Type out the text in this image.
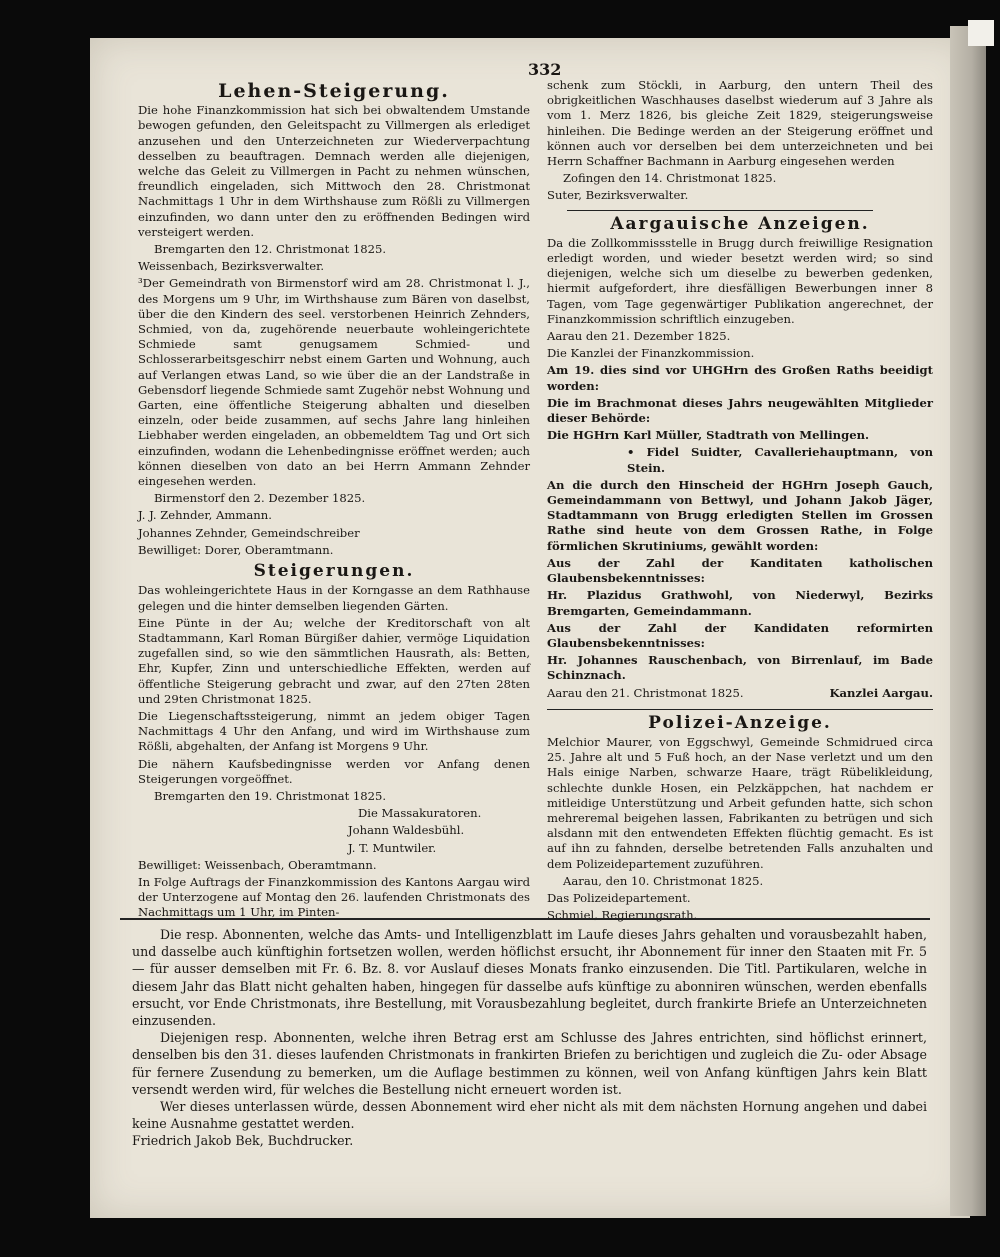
332
Lehen-Steigerung.

Die hohe Finanzkommission hat sich bei obwaltendem Umstande bewogen gefunden, den Geleitspacht zu Villmergen als erlediget anzusehen und den Unterzeichneten zur Wiederverpachtung desselben zu beauftragen. Demnach werden alle diejenigen, welche das Geleit zu Villmergen in Pacht zu nehmen wünschen, freundlich eingeladen, sich Mittwoch den 28. Christmonat Nachmittags 1 Uhr in dem Wirthshause zum Rößli zu Villmergen einzufinden, wo dann unter den zu eröffnenden Bedingen wird versteigert werden.

Bremgarten den 12. Christmonat 1825.

Weissenbach, Bezirksverwalter.

³Der Gemeindrath von Birmenstorf wird am 28. Christmonat l. J., des Morgens um 9 Uhr, im Wirthshause zum Bären von daselbst, über die den Kindern des seel. verstorbenen Heinrich Zehnders, Schmied, von da, zugehörende neuerbaute wohleingerichtete Schmiede samt genugsamem Schmied- und Schlosserarbeitsgeschirr nebst einem Garten und Wohnung, auch auf Verlangen etwas Land, so wie über die an der Landstraße in Gebensdorf liegende Schmiede samt Zugehör nebst Wohnung und Garten, eine öffentliche Steigerung abhalten und dieselben einzeln, oder beide zusammen, auf sechs Jahre lang hinleihen Liebhaber werden eingeladen, an obbemeldtem Tag und Ort sich einzufinden, wodann die Lehenbedingnisse eröffnet werden; auch können dieselben von dato an bei Herrn Ammann Zehnder eingesehen werden.

Birmenstorf den 2. Dezember 1825.

J. J. Zehnder, Ammann.

Johannes Zehnder, Gemeindschreiber

Bewilliget: Dorer, Oberamtmann.

Steigerungen.

Das wohleingerichtete Haus in der Korngasse an dem Rathhause gelegen und die hinter demselben liegenden Gärten.

Eine Pünte in der Au; welche der Kreditorschaft von alt Stadtammann, Karl Roman Bürgißer dahier, vermöge Liquidation zugefallen sind, so wie den sämmtlichen Hausrath, als: Betten, Ehr, Kupfer, Zinn und unterschiedliche Effekten, werden auf öffentliche Steigerung gebracht und zwar, auf den 27ten 28ten und 29ten Christmonat 1825.

Die Liegenschaftssteigerung, nimmt an jedem obiger Tagen Nachmittags 4 Uhr den Anfang, und wird im Wirthshause zum Rößli, abgehalten, der Anfang ist Morgens 9 Uhr.

Die nähern Kaufsbedingnisse werden vor Anfang denen Steigerungen vorgeöffnet.

Bremgarten den 19. Christmonat 1825.

Die Massakuratoren.

Johann Waldesbühl.

J. T. Muntwiler.

Bewilliget: Weissenbach, Oberamtmann.

In Folge Auftrags der Finanzkommission des Kantons Aargau wird der Unterzogene auf Montag den 26. laufenden Christmonats des Nachmittags um 1 Uhr, im Pinten-

schenk zum Stöckli, in Aarburg, den untern Theil des obrigkeitlichen Waschhauses daselbst wiederum auf 3 Jahre als vom 1. Merz 1826, bis gleiche Zeit 1829, steigerungsweise hinleihen. Die Bedinge werden an der Steigerung eröffnet und können auch vor derselben bei dem unterzeichneten und bei Herrn Schaffner Bachmann in Aarburg eingesehen werden

Zofingen den 14. Christmonat 1825.

Suter, Bezirksverwalter.

Aargauische Anzeigen.

Da die Zollkommissstelle in Brugg durch freiwillige Resignation erledigt worden, und wieder besetzt werden wird; so sind diejenigen, welche sich um dieselbe zu bewerben gedenken, hiermit aufgefordert, ihre diesfälligen Bewerbungen inner 8 Tagen, vom Tage gegenwärtiger Publikation angerechnet, der Finanzkommission schriftlich einzugeben.

Aarau den 21. Dezember 1825.

Die Kanzlei der Finanzkommission.

Am 19. dies sind vor UHGHrn des Großen Raths beeidigt worden:

Die im Brachmonat dieses Jahrs neugewählten Mitglieder dieser Behörde:

Die HGHrn Karl Müller, Stadtrath von Mellingen.

• Fidel Suidter, Cavalleriehauptmann, von Stein.

An die durch den Hinscheid der HGHrn Joseph Gauch, Gemeindammann von Bettwyl, und Johann Jakob Jäger, Stadtammann von Brugg erledigten Stellen im Grossen Rathe sind heute von dem Grossen Rathe, in Folge förmlichen Skrutiniums, gewählt worden:

Aus der Zahl der Kanditaten katholischen Glaubensbekenntnisses:

Hr. Plazidus Grathwohl, von Niederwyl, Bezirks Bremgarten, Gemeindammann.

Aus der Zahl der Kandidaten reformirten Glaubensbekenntnisses:

Hr. Johannes Rauschenbach, von Birrenlauf, im Bade Schinznach.

Aarau den 21. Christmonat 1825.	Kanzlei Aargau.
Polizei-Anzeige.

Melchior Maurer, von Eggschwyl, Gemeinde Schmidrued circa 25. Jahre alt und 5 Fuß hoch, an der Nase verletzt und um den Hals einige Narben, schwarze Haare, trägt Rübelikleidung, schlechte dunkle Hosen, ein Pelzkäppchen, hat nachdem er mitleidige Unterstützung und Arbeit gefunden hatte, sich schon mehreremal beigehen lassen, Fabrikanten zu betrügen und sich alsdann mit den entwendeten Effekten flüchtig gemacht. Es ist auf ihn zu fahnden, derselbe betretenden Falls anzuhalten und dem Polizeidepartement zuzuführen.

Aarau, den 10. Christmonat 1825.

Das Polizeidepartement.

Schmiel, Regierungsrath.

Die resp. Abonnenten, welche das Amts- und Intelligenzblatt im Laufe dieses Jahrs gehalten und vorausbezahlt haben, und dasselbe auch künftighin fortsetzen wollen, werden höflichst ersucht, ihr Abonnement für inner den Staaten mit Fr. 5 — für ausser demselben mit Fr. 6. Bz. 8. vor Auslauf dieses Monats franko einzusenden. Die Titl. Partikularen, welche in diesem Jahr das Blatt nicht gehalten haben, hingegen für dasselbe aufs künftige zu abonniren wünschen, werden ebenfalls ersucht, vor Ende Christmonats, ihre Bestellung, mit Vorausbezahlung begleitet, durch frankirte Briefe an Unterzeichneten einzusenden.

Diejenigen resp. Abonnenten, welche ihren Betrag erst am Schlusse des Jahres entrichten, sind höflichst erinnert, denselben bis den 31. dieses laufenden Christmonats in frankirten Briefen zu berichtigen und zugleich die Zu- oder Absage für fernere Zusendung zu bemerken, um die Auflage bestimmen zu können, weil von Anfang künftigen Jahrs kein Blatt versendt werden wird, für welches die Bestellung nicht erneuert worden ist.

Wer dieses unterlassen würde, dessen Abonnement wird eher nicht als mit dem nächsten Hornung angehen und dabei keine Ausnahme gestattet werden.

Friedrich Jakob Bek, Buchdrucker.
